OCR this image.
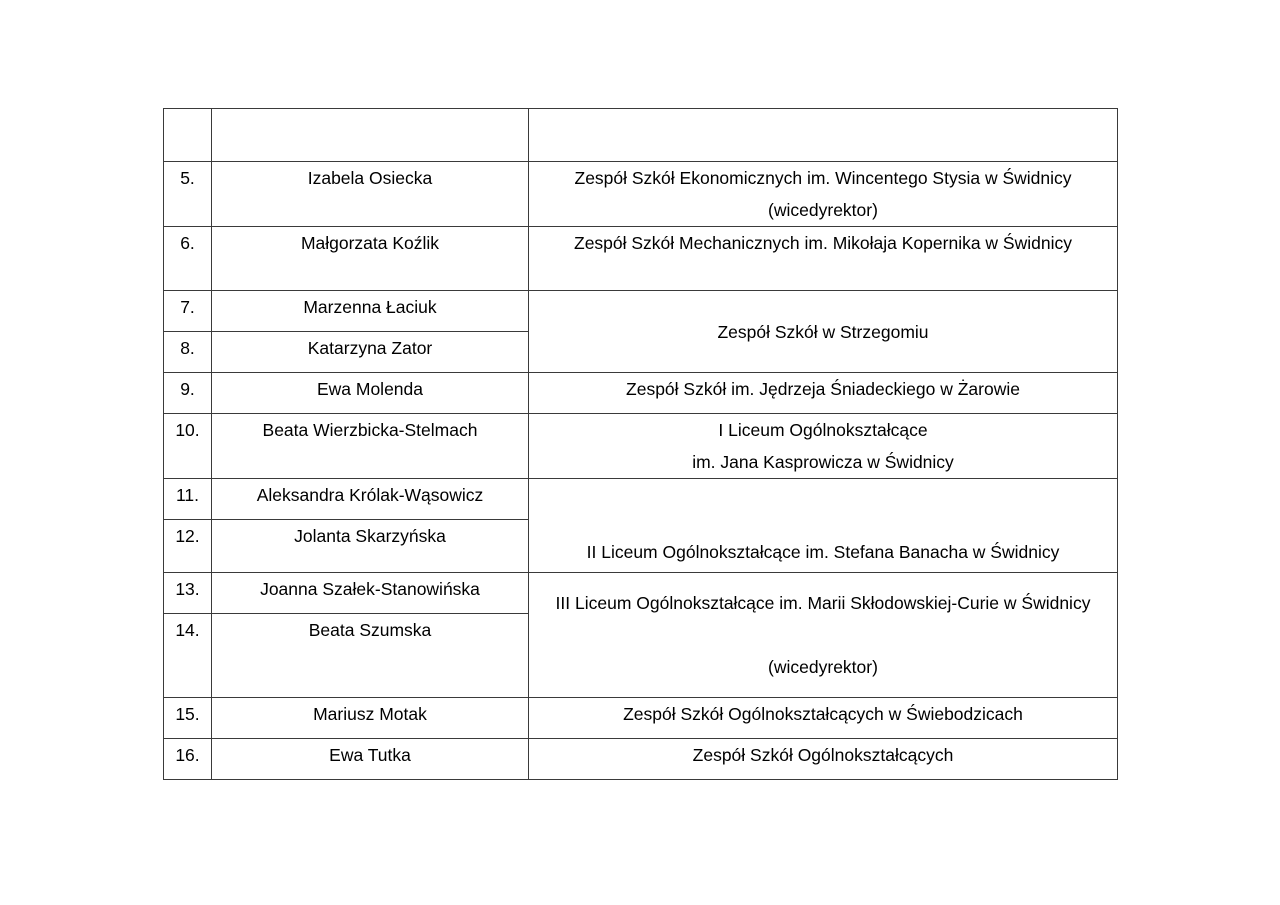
5.	Izabela Osiecka	Zespół Szkół Ekonomicznych im. Wincentego Stysia w Świdnicy
(wicedyrektor)

6.	Małgorzata Koźlik	Zespół Szkół Mechanicznych im. Mikołaja Kopernika w Świdnicy

7.	Marzenna Łaciuk	Zespół Szkół w Strzegomiu

8.	Katarzyna Zator	
9.	Ewa Molenda	Zespół Szkół im. Jędrzeja Śniadeckiego w Żarowie

10.	Beata Wierzbicka-Stelmach	I Liceum Ogólnokształcące
im. Jana Kasprowicza w Świdnicy

11.	Aleksandra Królak-Wąsowicz	II Liceum Ogólnokształcące im. Stefana Banacha w Świdnicy

12.	Jolanta Skarzyńska	
13.	Joanna Szałek-Stanowińska	III Liceum Ogólnokształcące im. Marii Skłodowskiej-Curie w Świdnicy
(wicedyrektor)

14.	Beata Szumska	
15.	Mariusz Motak	Zespół Szkół Ogólnokształcących w Świebodzicach

16.	Ewa Tutka	Zespół Szkół Ogólnokształcących
